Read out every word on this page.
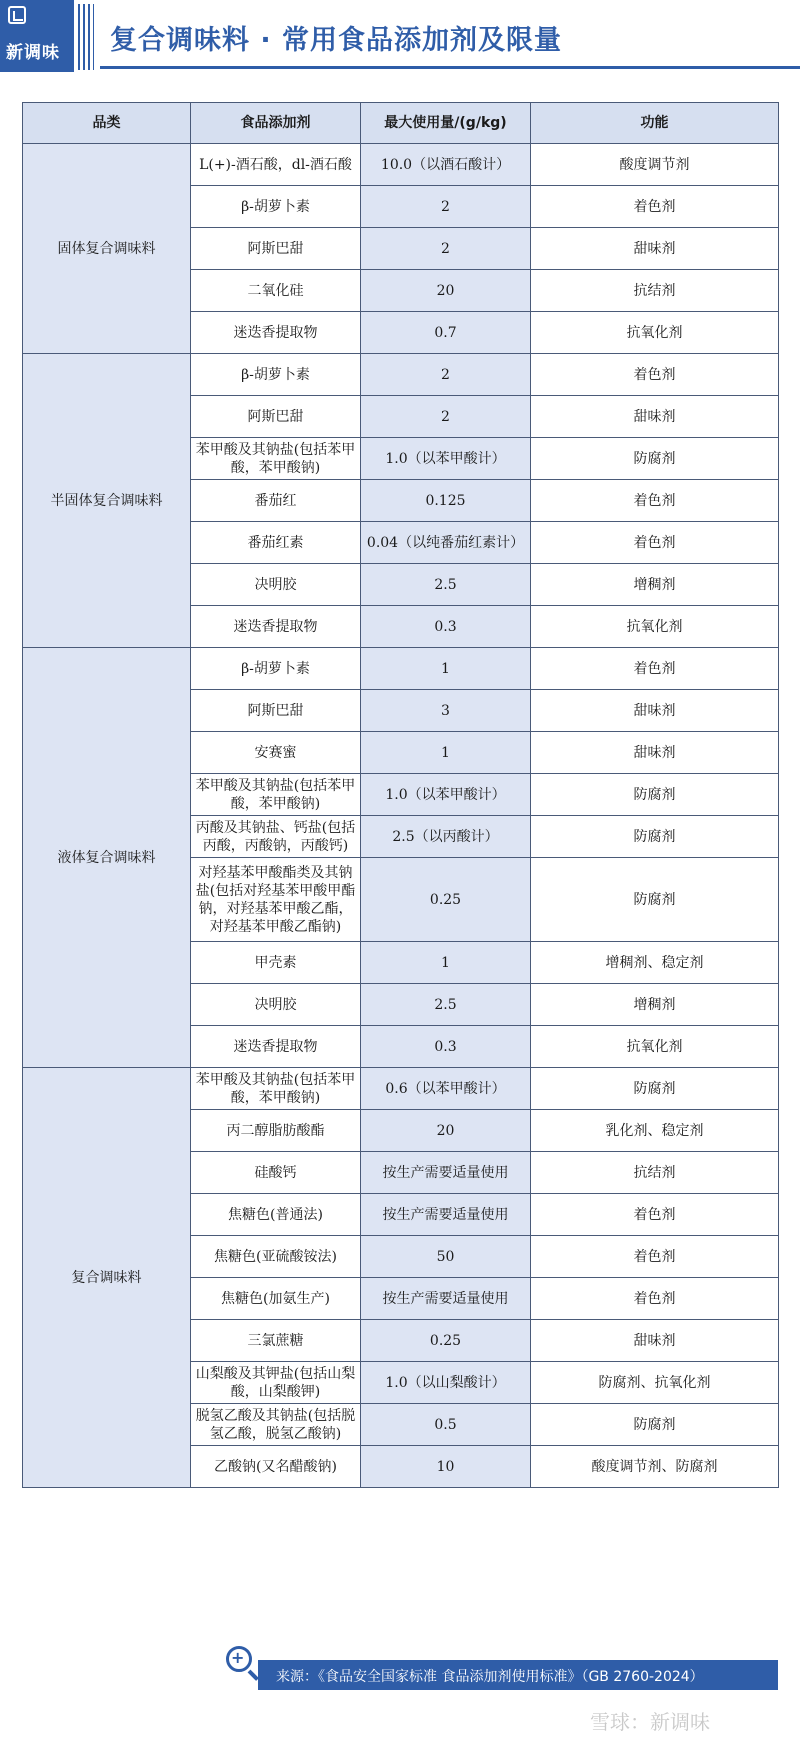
新调味 复合调味料 · 常用食品添加剂及限量
品类	食品添加剂	最大使用量/(g/kg)	功能
固体复合调味料	L(+)-酒石酸，dl-酒石酸	10.0（以酒石酸计）	酸度调节剂
	β-胡萝卜素	2	着色剂
	阿斯巴甜	2	甜味剂
	二氧化硅	20	抗结剂
	迷迭香提取物	0.7	抗氧化剂
半固体复合调味料	β-胡萝卜素	2	着色剂
	阿斯巴甜	2	甜味剂
	苯甲酸及其钠盐(包括苯甲酸，苯甲酸钠)	1.0（以苯甲酸计）	防腐剂
	番茄红	0.125	着色剂
	番茄红素	0.04（以纯番茄红素计）	着色剂
	决明胶	2.5	增稠剂
	迷迭香提取物	0.3	抗氧化剂
液体复合调味料	β-胡萝卜素	1	着色剂
	阿斯巴甜	3	甜味剂
	安赛蜜	1	甜味剂
	苯甲酸及其钠盐(包括苯甲酸，苯甲酸钠)	1.0（以苯甲酸计）	防腐剂
	丙酸及其钠盐、钙盐(包括丙酸，丙酸钠，丙酸钙)	2.5（以丙酸计）	防腐剂
	对羟基苯甲酸酯类及其钠盐(包括对羟基苯甲酸甲酯钠，对羟基苯甲酸乙酯，对羟基苯甲酸乙酯钠)	0.25	防腐剂
	甲壳素	1	增稠剂、稳定剂
	决明胶	2.5	增稠剂
	迷迭香提取物	0.3	抗氧化剂
复合调味料	苯甲酸及其钠盐(包括苯甲酸，苯甲酸钠)	0.6（以苯甲酸计）	防腐剂
	丙二醇脂肪酸酯	20	乳化剂、稳定剂
	硅酸钙	按生产需要适量使用	抗结剂
	焦糖色(普通法)	按生产需要适量使用	着色剂
	焦糖色(亚硫酸铵法)	50	着色剂
	焦糖色(加氨生产)	按生产需要适量使用	着色剂
	三氯蔗糖	0.25	甜味剂
	山梨酸及其钾盐(包括山梨酸，山梨酸钾)	1.0（以山梨酸计）	防腐剂、抗氧化剂
	脱氢乙酸及其钠盐(包括脱氢乙酸，脱氢乙酸钠)	0.5	防腐剂
	乙酸钠(又名醋酸钠)	10	酸度调节剂、防腐剂
+
来源：《食品安全国家标准 食品添加剂使用标准》（GB 2760-2024）
雪球：新调味
